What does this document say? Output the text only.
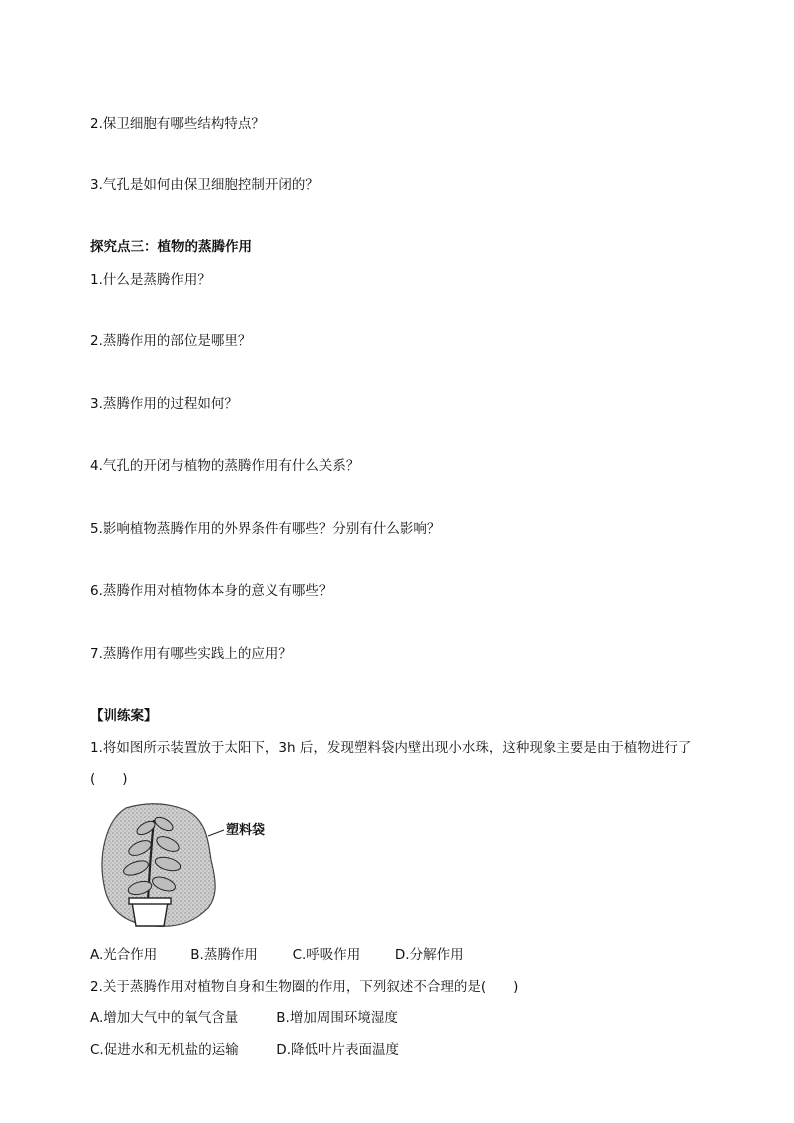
2.保卫细胞有哪些结构特点？
3.气孔是如何由保卫细胞控制开闭的？
探究点三：植物的蒸腾作用
1.什么是蒸腾作用？
2.蒸腾作用的部位是哪里？
3.蒸腾作用的过程如何？
4.气孔的开闭与植物的蒸腾作用有什么关系？
5.影响植物蒸腾作用的外界条件有哪些？分别有什么影响？
6.蒸腾作用对植物体本身的意义有哪些？
7.蒸腾作用有哪些实践上的应用？
【训练案】
1.将如图所示装置放于太阳下，3h 后，发现塑料袋内壁出现小水珠，这种现象主要是由于植物进行了
(　　)
塑料袋
A.光合作用 B.蒸腾作用	C.呼吸作用	D.分解作用
2.关于蒸腾作用对植物自身和生物圈的作用，下列叙述不合理的是(　　)
A.增加大气中的氧气含量	B.增加周围环境湿度
C.促进水和无机盐的运输	D.降低叶片表面温度
